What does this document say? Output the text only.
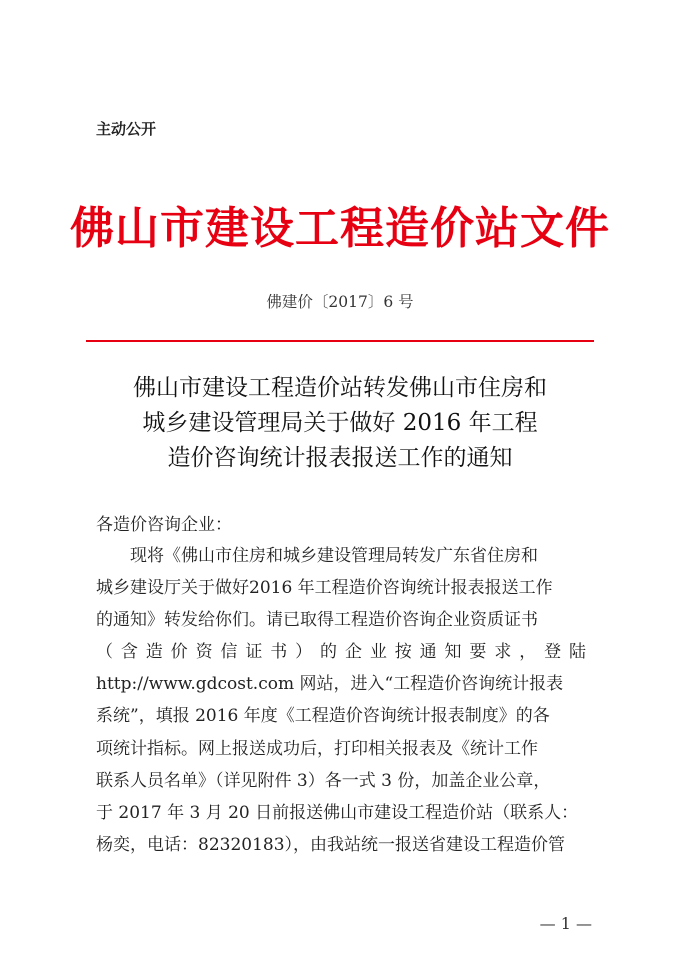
主动公开
佛山市建设工程造价站文件
佛建价〔2017〕6 号
佛山市建设工程造价站转发佛山市住房和
城乡建设管理局关于做好 2016 年工程
造价咨询统计报表报送工作的通知
各造价咨询企业：
现将《佛山市住房和城乡建设管理局转发广东省住房和
城乡建设厅关于做好2016 年工程造价咨询统计报表报送工作
的通知》转发给你们。请已取得工程造价咨询企业资质证书
（含造价资信证书）的企业按通知要求，登陆
http://www.gdcost.com 网站，进入“工程造价咨询统计报表
系统”，填报 2016 年度《工程造价咨询统计报表制度》的各
项统计指标。网上报送成功后，打印相关报表及《统计工作
联系人员名单》（详见附件 3）各一式 3 份，加盖企业公章，
于 2017 年 3 月 20 日前报送佛山市建设工程造价站（联系人：
杨奕，电话：82320183），由我站统一报送省建设工程造价管
— 1 —
